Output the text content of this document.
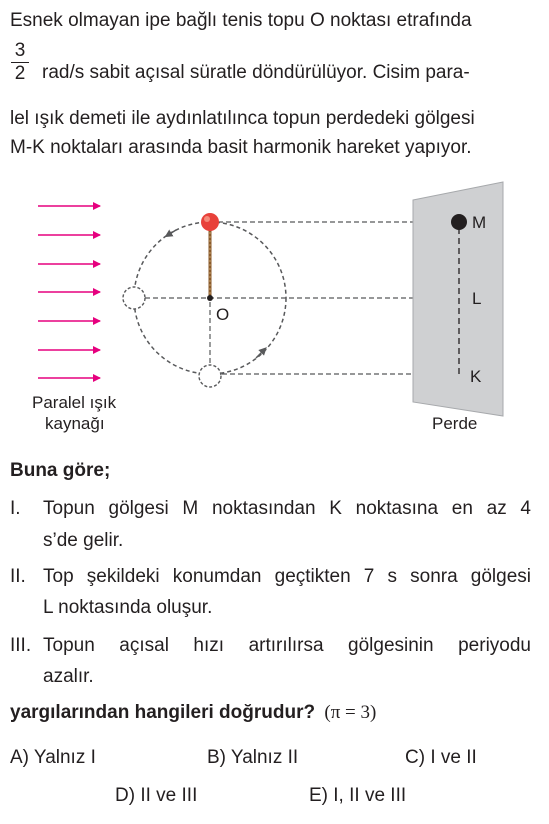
Esnek olmayan ipe bağlı tenis topu O noktası etrafında
3
2 rad/s sabit açısal süratle döndürülüyor. Cisim para-
lel ışık demeti ile aydınlatılınca topun perdedeki gölgesi
M-K noktaları arasında basit harmonik hareket yapıyor.
O
M
L
K
Paralel ışık
kaynağı	Perde
Buna göre;
I. Topun gölgesi M noktasından K noktasına en az 4
s’de gelir.
II. Top şekildeki konumdan geçtikten 7 s sonra gölgesi
L noktasında oluşur.
III. Topun açısal hızı artırılırsa gölgesinin periyodu
azalır.
yargılarından hangileri doğrudur? (π = 3)
A) Yalnız I	B) Yalnız II	C) I ve II
D) II ve III	E) I, II ve III
